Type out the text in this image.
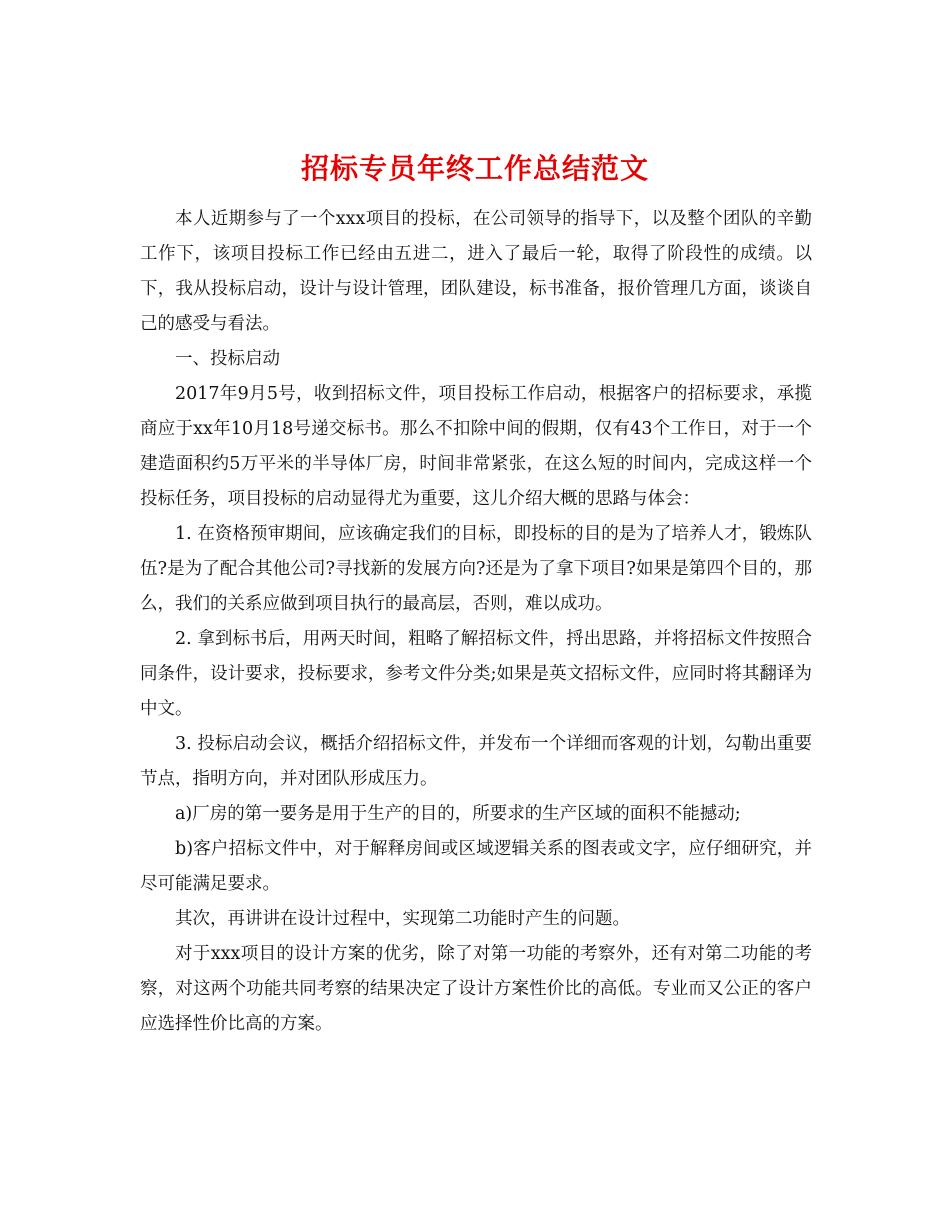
招标专员年终工作总结范文

本人近期参与了一个xxx项目的投标，在公司领导的指导下，以及整个团队的辛勤工作下，该项目投标工作已经由五进二，进入了最后一轮，取得了阶段性的成绩。以下，我从投标启动，设计与设计管理，团队建设，标书准备，报价管理几方面，谈谈自己的感受与看法。

一、投标启动

2017年9月5号，收到招标文件，项目投标工作启动，根据客户的招标要求，承揽商应于xx年10月18号递交标书。那么不扣除中间的假期，仅有43个工作日，对于一个建造面积约5万平米的半导体厂房，时间非常紧张，在这么短的时间内，完成这样一个投标任务，项目投标的启动显得尤为重要，这儿介绍大概的思路与体会：

1. 在资格预审期间，应该确定我们的目标，即投标的目的是为了培养人才，锻炼队伍?是为了配合其他公司?寻找新的发展方向?还是为了拿下项目?如果是第四个目的，那么，我们的关系应做到项目执行的最高层，否则，难以成功。

2. 拿到标书后，用两天时间，粗略了解招标文件，捋出思路，并将招标文件按照合同条件，设计要求，投标要求，参考文件分类;如果是英文招标文件，应同时将其翻译为中文。

3. 投标启动会议，概括介绍招标文件，并发布一个详细而客观的计划，勾勒出重要节点，指明方向，并对团队形成压力。

a)厂房的第一要务是用于生产的目的，所要求的生产区域的面积不能撼动;

b)客户招标文件中，对于解释房间或区域逻辑关系的图表或文字，应仔细研究，并尽可能满足要求。

其次，再讲讲在设计过程中，实现第二功能时产生的问题。

对于xxx项目的设计方案的优劣，除了对第一功能的考察外，还有对第二功能的考察，对这两个功能共同考察的结果决定了设计方案性价比的高低。专业而又公正的客户应选择性价比高的方案。
